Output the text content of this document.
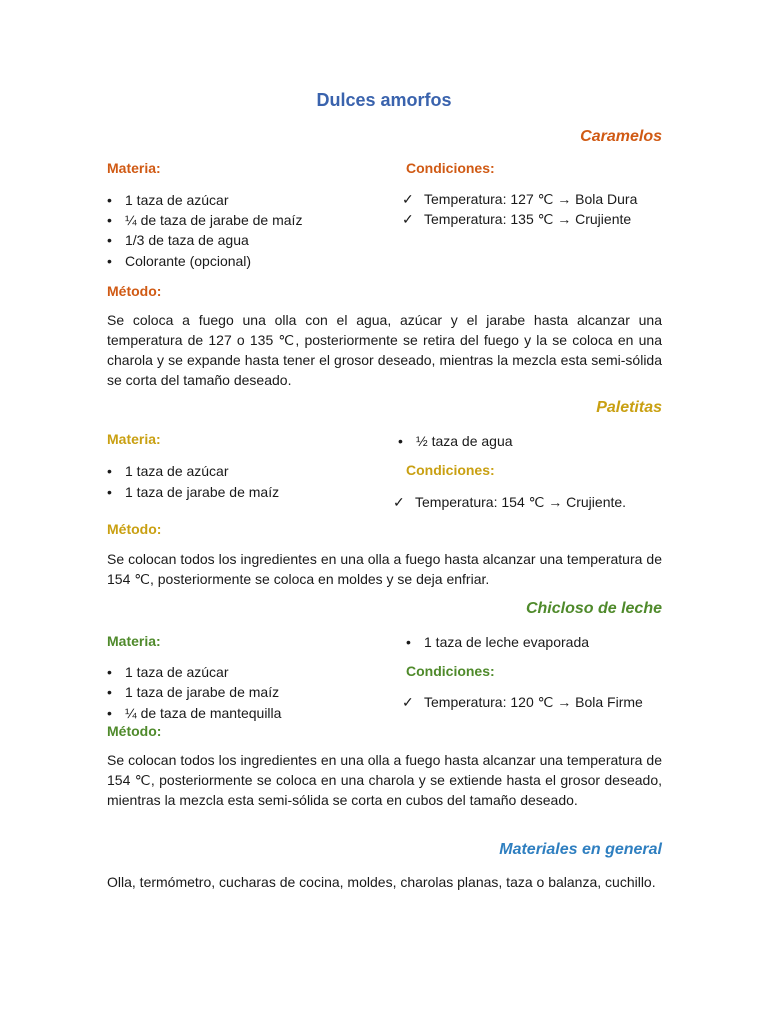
Dulces amorfos
Caramelos
Materia:	Condiciones:
• 1 taza de azúcar
• ¼ de taza de jarabe de maíz
• 1/3 de taza de agua
• Colorante (opcional)
✓ Temperatura: 127 ℃ → Bola Dura
✓ Temperatura: 135 ℃ → Crujiente
Método:
Se coloca a fuego una olla con el agua, azúcar y el jarabe hasta alcanzar una temperatura de 127 o 135 ℃, posteriormente se retira del fuego y la se coloca en una charola y se expande hasta tener el grosor deseado, mientras la mezcla esta semi-sólida se corta del tamaño deseado.
Paletitas
Materia:	• ½ taza de agua
Condiciones:
• 1 taza de azúcar
• 1 taza de jarabe de maíz
✓ Temperatura: 154 ℃ → Crujiente.
Método:
Se colocan todos los ingredientes en una olla a fuego hasta alcanzar una temperatura de 154 ℃, posteriormente se coloca en moldes y se deja enfriar.
Chicloso de leche
Materia:	• 1 taza de leche evaporada
Condiciones:
• 1 taza de azúcar
• 1 taza de jarabe de maíz
• ¼ de taza de mantequilla
✓ Temperatura: 120 ℃ → Bola Firme
Método:
Se colocan todos los ingredientes en una olla a fuego hasta alcanzar una temperatura de 154 ℃, posteriormente se coloca en una charola y se extiende hasta el grosor deseado, mientras la mezcla esta semi-sólida se corta en cubos del tamaño deseado.
Materiales en general
Olla, termómetro, cucharas de cocina, moldes, charolas planas, taza o balanza, cuchillo.
